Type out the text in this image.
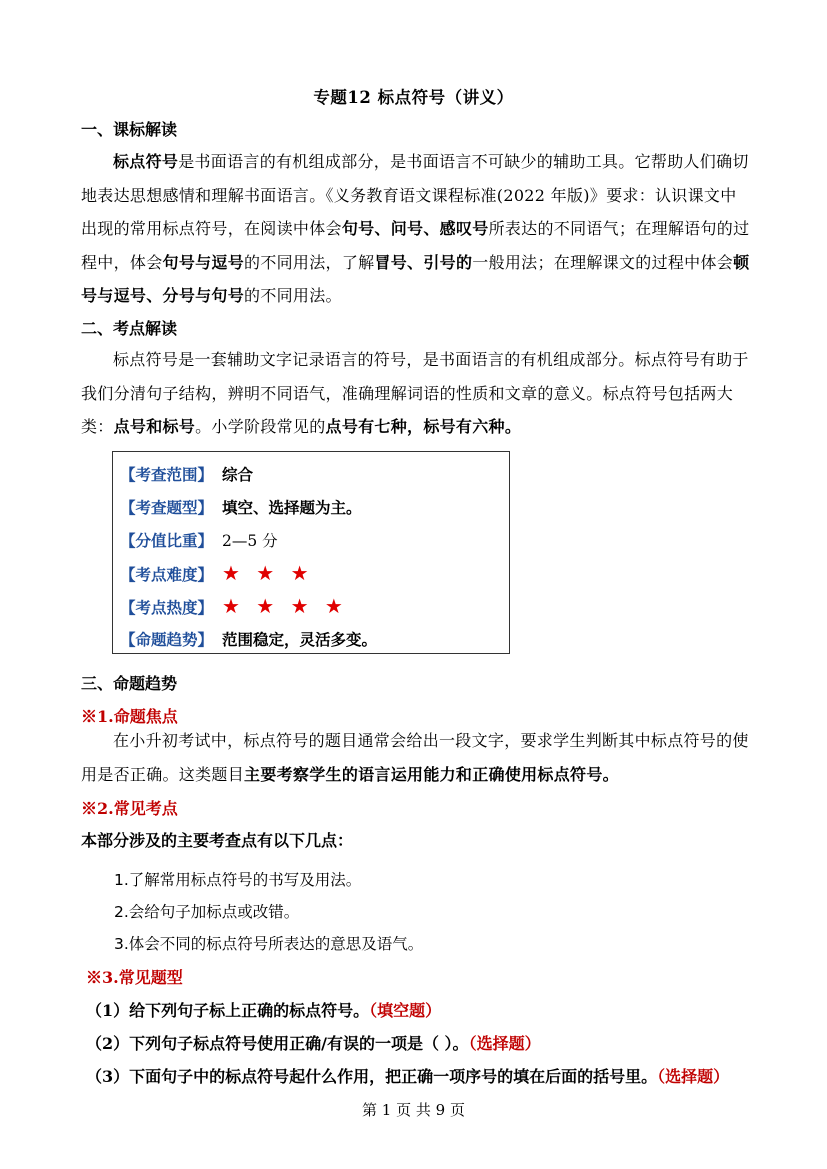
专题12 标点符号（讲义）
一、课标解读
标点符号是书面语言的有机组成部分，是书面语言不可缺少的辅助工具。它帮助人们确切地表达思想感情和理解书面语言。《义务教育语文课程标准(2022 年版)》要求：认识课文中出现的常用标点符号，在阅读中体会句号、问号、感叹号所表达的不同语气；在理解语句的过程中，体会句号与逗号的不同用法，了解冒号、引号的一般用法；在理解课文的过程中体会顿号与逗号、分号与句号的不同用法。
二、考点解读
标点符号是一套辅助文字记录语言的符号，是书面语言的有机组成部分。标点符号有助于我们分清句子结构，辨明不同语气，准确理解词语的性质和文章的意义。标点符号包括两大类：点号和标号。小学阶段常见的点号有七种，标号有六种。
【考查范围】 综合
【考查题型】 填空、选择题为主。
【分值比重】 2—5 分
【考点难度】 ★ ★ ★
【考点热度】 ★ ★ ★ ★
【命题趋势】 范围稳定，灵活多变。
三、命题趋势
※1.命题焦点
在小升初考试中，标点符号的题目通常会给出一段文字，要求学生判断其中标点符号的使用是否正确。这类题目主要考察学生的语言运用能力和正确使用标点符号。
※2.常见考点
本部分涉及的主要考查点有以下几点：
1.了解常用标点符号的书写及用法。
2.会给句子加标点或改错。
3.体会不同的标点符号所表达的意思及语气。
※3.常见题型
（1）给下列句子标上正确的标点符号。（填空题）
（2）下列句子标点符号使用正确/有误的一项是（ ）。（选择题）
（3）下面句子中的标点符号起什么作用，把正确一项序号的填在后面的括号里。（选择题）
第 1 页 共 9 页
